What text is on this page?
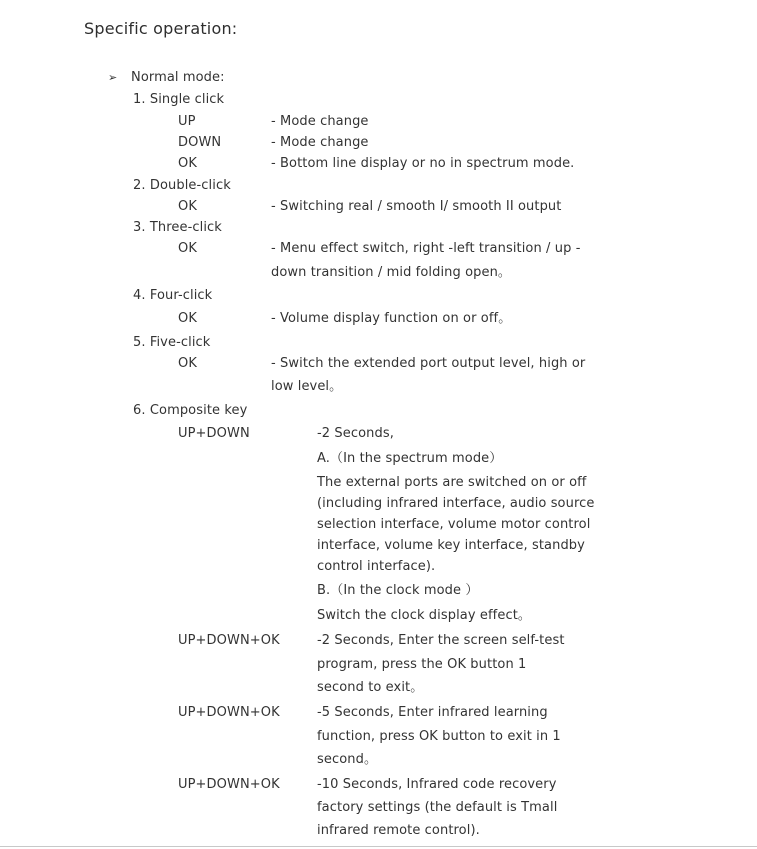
Specific operation:
➢ Normal mode:
1. Single click
UP	- Mode change
DOWN	- Mode change
OK	- Bottom line display or no in spectrum mode.
2. Double-click
OK	- Switching real / smooth I/ smooth II output
3. Three-click
OK	- Menu effect switch, right -left transition / up -
down transition / mid folding open。
4. Four-click
OK	- Volume display function on or off。
5. Five-click
OK	- Switch the extended port output level, high or
low level。
6. Composite key
UP+DOWN	-2 Seconds,
A.（In the spectrum mode）
The external ports are switched on or off
(including infrared interface, audio source
selection interface, volume motor control
interface, volume key interface, standby
control interface).
B.（In the clock mode ）
Switch the clock display effect。
UP+DOWN+OK	-2 Seconds, Enter the screen self-test
program, press the OK button 1
second to exit。
UP+DOWN+OK	-5 Seconds, Enter infrared learning
function, press OK button to exit in 1
second。
UP+DOWN+OK	-10 Seconds, Infrared code recovery
factory settings (the default is Tmall
infrared remote control).
